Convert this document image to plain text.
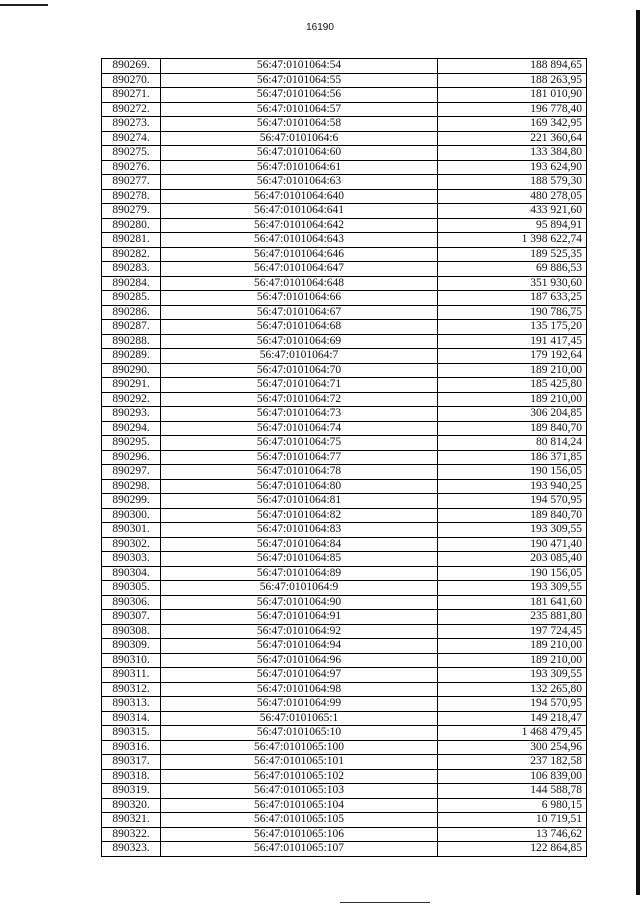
16190
890269.	56:47:0101064:54	188 894,65
890270.	56:47:0101064:55	188 263,95
890271.	56:47:0101064:56	181 010,90
890272.	56:47:0101064:57	196 778,40
890273.	56:47:0101064:58	169 342,95
890274.	56:47:0101064:6	221 360,64
890275.	56:47:0101064:60	133 384,80
890276.	56:47:0101064:61	193 624,90
890277.	56:47:0101064:63	188 579,30
890278.	56:47:0101064:640	480 278,05
890279.	56:47:0101064:641	433 921,60
890280.	56:47:0101064:642	95 894,91
890281.	56:47:0101064:643	1 398 622,74
890282.	56:47:0101064:646	189 525,35
890283.	56:47:0101064:647	69 886,53
890284.	56:47:0101064:648	351 930,60
890285.	56:47:0101064:66	187 633,25
890286.	56:47:0101064:67	190 786,75
890287.	56:47:0101064:68	135 175,20
890288.	56:47:0101064:69	191 417,45
890289.	56:47:0101064:7	179 192,64
890290.	56:47:0101064:70	189 210,00
890291.	56:47:0101064:71	185 425,80
890292.	56:47:0101064:72	189 210,00
890293.	56:47:0101064:73	306 204,85
890294.	56:47:0101064:74	189 840,70
890295.	56:47:0101064:75	80 814,24
890296.	56:47:0101064:77	186 371,85
890297.	56:47:0101064:78	190 156,05
890298.	56:47:0101064:80	193 940,25
890299.	56:47:0101064:81	194 570,95
890300.	56:47:0101064:82	189 840,70
890301.	56:47:0101064:83	193 309,55
890302.	56:47:0101064:84	190 471,40
890303.	56:47:0101064:85	203 085,40
890304.	56:47:0101064:89	190 156,05
890305.	56:47:0101064:9	193 309,55
890306.	56:47:0101064:90	181 641,60
890307.	56:47:0101064:91	235 881,80
890308.	56:47:0101064:92	197 724,45
890309.	56:47:0101064:94	189 210,00
890310.	56:47:0101064:96	189 210,00
890311.	56:47:0101064:97	193 309,55
890312.	56:47:0101064:98	132 265,80
890313.	56:47:0101064:99	194 570,95
890314.	56:47:0101065:1	149 218,47
890315.	56:47:0101065:10	1 468 479,45
890316.	56:47:0101065:100	300 254,96
890317.	56:47:0101065:101	237 182,58
890318.	56:47:0101065:102	106 839,00
890319.	56:47:0101065:103	144 588,78
890320.	56:47:0101065:104	6 980,15
890321.	56:47:0101065:105	10 719,51
890322.	56:47:0101065:106	13 746,62
890323.	56:47:0101065:107	122 864,85
